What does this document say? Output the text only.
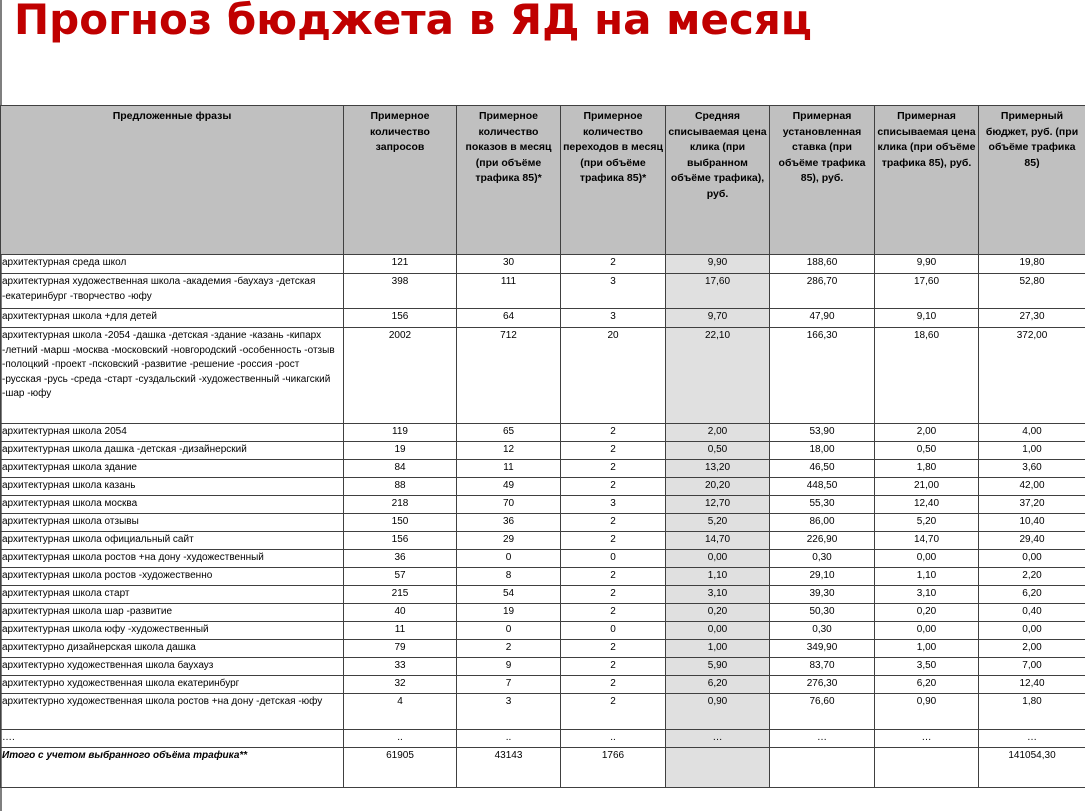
Прогноз бюджета в ЯД на месяц
Предложенные фразы	Примерное количество запросов	Примерное количество показов в месяц (при объёме трафика 85)*	Примерное количество переходов в месяц (при объёме трафика 85)*	Средняя списываемая цена клика (при выбранном объёме трафика), руб.	Примерная установленная ставка (при объёме трафика 85), руб.	Примерная списываемая цена клика (при объёме трафика 85), руб.	Примерный бюджет, руб. (при объёме трафика 85)
архитектурная среда школ	121	30	2	9,90	188,60	9,90	19,80
архитектурная художественная школа -академия -баухауз -детская -екатеринбург -творчество -юфу	398	111	3	17,60	286,70	17,60	52,80
архитектурная школа +для детей	156	64	3	9,70	47,90	9,10	27,30
архитектурная школа -2054 -дашка -детская -здание -казань -кипарх -летний -марш -москва -московский -новгородский -особенность -отзыв -полоцкий -проект -псковский -развитие -решение -россия -рост -русская -русь -среда -старт -суздальский -художественный -чикагский -шар -юфу	2002	712	20	22,10	166,30	18,60	372,00
архитектурная школа 2054	119	65	2	2,00	53,90	2,00	4,00
архитектурная школа дашка -детская -дизайнерский	19	12	2	0,50	18,00	0,50	1,00
архитектурная школа здание	84	11	2	13,20	46,50	1,80	3,60
архитектурная школа казань	88	49	2	20,20	448,50	21,00	42,00
архитектурная школа москва	218	70	3	12,70	55,30	12,40	37,20
архитектурная школа отзывы	150	36	2	5,20	86,00	5,20	10,40
архитектурная школа официальный сайт	156	29	2	14,70	226,90	14,70	29,40
архитектурная школа ростов +на дону -художественный	36	0	0	0,00	0,30	0,00	0,00
архитектурная школа ростов -художественно	57	8	2	1,10	29,10	1,10	2,20
архитектурная школа старт	215	54	2	3,10	39,30	3,10	6,20
архитектурная школа шар -развитие	40	19	2	0,20	50,30	0,20	0,40
архитектурная школа юфу -художественный	11	0	0	0,00	0,30	0,00	0,00
архитектурно дизайнерская школа дашка	79	2	2	1,00	349,90	1,00	2,00
архитектурно художественная школа баухауз	33	9	2	5,90	83,70	3,50	7,00
архитектурно художественная школа екатеринбург	32	7	2	6,20	276,30	6,20	12,40
архитектурно художественная школа ростов +на дону -детская -юфу	4	3	2	0,90	76,60	0,90	1,80
….	..	..	..	…	…	…	…
Итого с учетом выбранного объёма трафика**	61905	43143	1766				141054,30
